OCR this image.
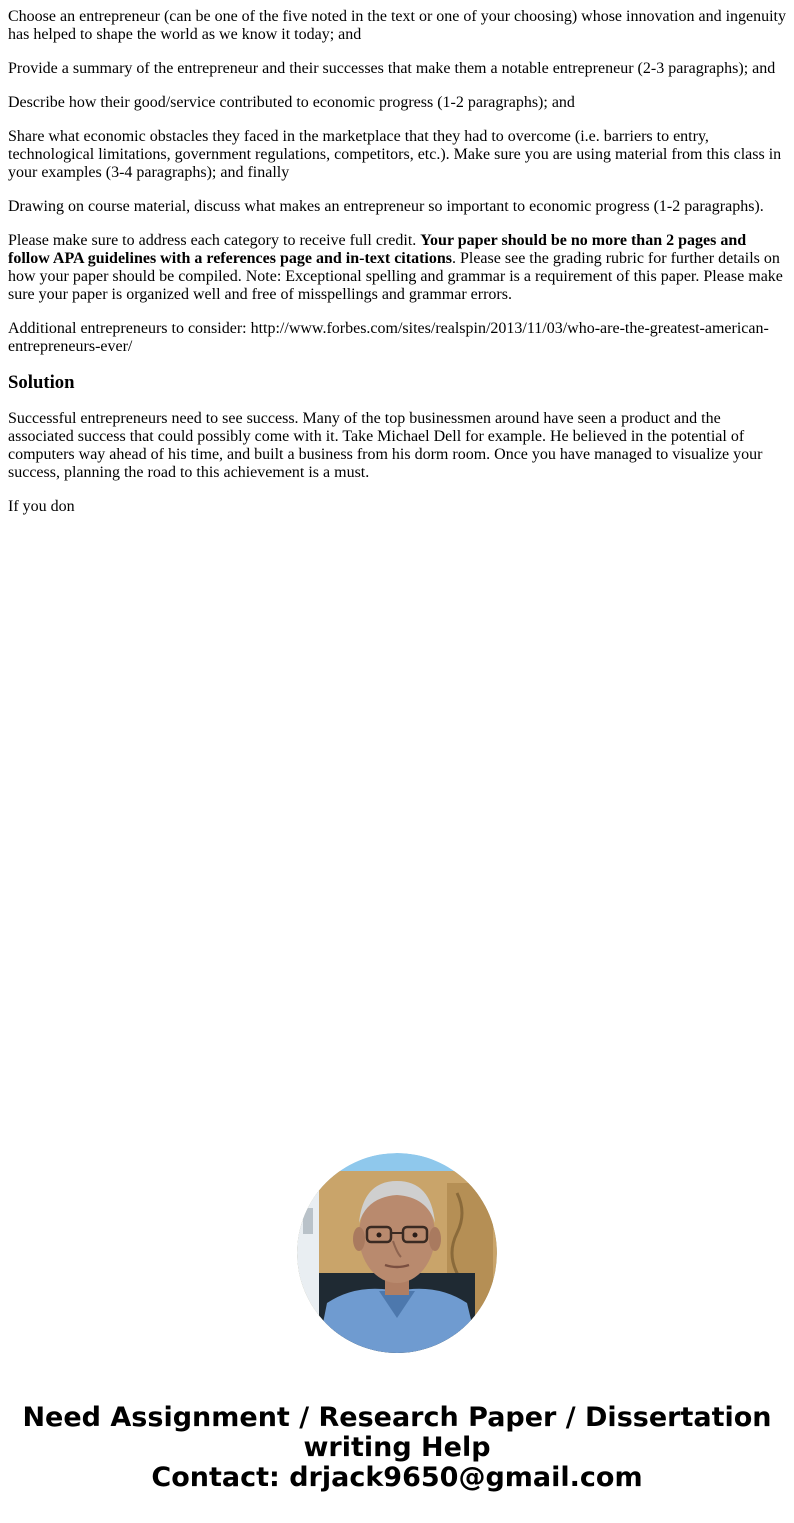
Choose an entrepreneur (can be one of the five noted in the text or one of your choosing) whose innovation and ingenuity has helped to shape the world as we know it today; and

Provide a summary of the entrepreneur and their successes that make them a notable entrepreneur (2-3 paragraphs); and

Describe how their good/service contributed to economic progress (1-2 paragraphs); and

Share what economic obstacles they faced in the marketplace that they had to overcome (i.e. barriers to entry, technological limitations, government regulations, competitors, etc.). Make sure you are using material from this class in your examples (3-4 paragraphs); and finally

Drawing on course material, discuss what makes an entrepreneur so important to economic progress (1-2 paragraphs).

Please make sure to address each category to receive full credit. Your paper should be no more than 2 pages and follow APA guidelines with a references page and in-text citations. Please see the grading rubric for further details on how your paper should be compiled. Note: Exceptional spelling and grammar is a requirement of this paper. Please make sure your paper is organized well and free of misspellings and grammar errors.

Additional entrepreneurs to consider: http://www.forbes.com/sites/realspin/2013/11/03/who-are-the-greatest-american-entrepreneurs-ever/

Solution

Successful entrepreneurs need to see success. Many of the top businessmen around have seen a product and the associated success that could possibly come with it. Take Michael Dell for example. He believed in the potential of computers way ahead of his time, and built a business from his dorm room. Once you have managed to visualize your success, planning the road to this achievement is a must.

If you don

Need Assignment / Research Paper / Dissertation
writing Help
Contact: drjack9650@gmail.com
